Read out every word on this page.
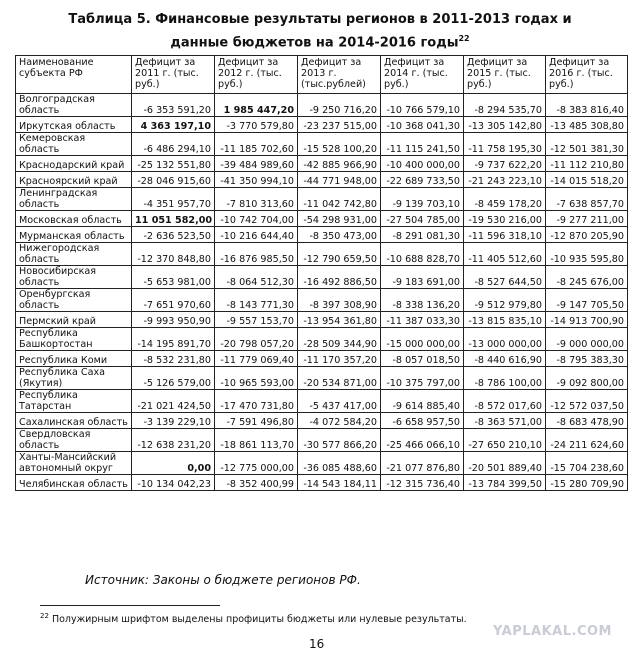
Таблица 5. Финансовые результаты регионов в 2011-2013 годах и
данные бюджетов на 2014-2016 годы$^{22}$
Наименование субъекта РФ	Дефицит за 2011 г. (тыс. руб.)	Дефицит за 2012 г. (тыс. руб.)	Дефицит за 2013 г. (тыс.рублей)	Дефицит за 2014 г. (тыс. руб.)	Дефицит за 2015 г. (тыс. руб.)	Дефицит за 2016 г. (тыс. руб.)
Волгоградская область	-6 353 591,20	1 985 447,20	-9 250 716,20	-10 766 579,10	-8 294 535,70	-8 383 816,40
Иркутская область	4 363 197,10	-3 770 579,80	-23 237 515,00	-10 368 041,30	-13 305 142,80	-13 485 308,80
Кемеровская область	-6 486 294,10	-11 185 702,60	-15 528 100,20	-11 115 241,50	-11 758 195,30	-12 501 381,30
Краснодарский край	-25 132 551,80	-39 484 989,60	-42 885 966,90	-10 400 000,00	-9 737 622,20	-11 112 210,80
Красноярский край	-28 046 915,60	-41 350 994,10	-44 771 948,00	-22 689 733,50	-21 243 223,10	-14 015 518,20
Ленинградская область	-4 351 957,70	-7 810 313,60	-11 042 742,80	-9 139 703,10	-8 459 178,20	-7 638 857,70
Московская область	11 051 582,00	-10 742 704,00	-54 298 931,00	-27 504 785,00	-19 530 216,00	-9 277 211,00
Мурманская область	-2 636 523,50	-10 216 644,40	-8 350 473,00	-8 291 081,30	-11 596 318,10	-12 870 205,90
Нижегородская область	-12 370 848,80	-16 876 985,50	-12 790 659,50	-10 688 828,70	-11 405 512,60	-10 935 595,80
Новосибирская область	-5 653 981,00	-8 064 512,30	-16 492 886,50	-9 183 691,00	-8 527 644,50	-8 245 676,00
Оренбургская область	-7 651 970,60	-8 143 771,30	-8 397 308,90	-8 338 136,20	-9 512 979,80	-9 147 705,50
Пермский край	-9 993 950,90	-9 557 153,70	-13 954 361,80	-11 387 033,30	-13 815 835,10	-14 913 700,90
Республика Башкортостан	-14 195 891,70	-20 798 057,20	-28 509 344,90	-15 000 000,00	-13 000 000,00	-9 000 000,00
Республика Коми	-8 532 231,80	-11 779 069,40	-11 170 357,20	-8 057 018,50	-8 440 616,90	-8 795 383,30
Республика Саха (Якутия)	-5 126 579,00	-10 965 593,00	-20 534 871,00	-10 375 797,00	-8 786 100,00	-9 092 800,00
Республика Татарстан	-21 021 424,50	-17 470 731,80	-5 437 417,00	-9 614 885,40	-8 572 017,60	-12 572 037,50
Сахалинская область	-3 139 229,10	-7 591 496,80	-4 072 584,20	-6 658 957,50	-8 363 571,00	-8 683 478,90
Свердловская область	-12 638 231,20	-18 861 113,70	-30 577 866,20	-25 466 066,10	-27 650 210,10	-24 211 624,60
Ханты-Мансийский автономный округ	0,00	-12 775 000,00	-36 085 488,60	-21 077 876,80	-20 501 889,40	-15 704 238,60
Челябинская область	-10 134 042,23	-8 352 400,99	-14 543 184,11	-12 315 736,40	-13 784 399,50	-15 280 709,90
Источник: Законы о бюджете регионов РФ.
$^{22}$ Полужирным шрифтом выделены профициты бюджеты или нулевые результаты.
16
YAPLAKAL.COM
